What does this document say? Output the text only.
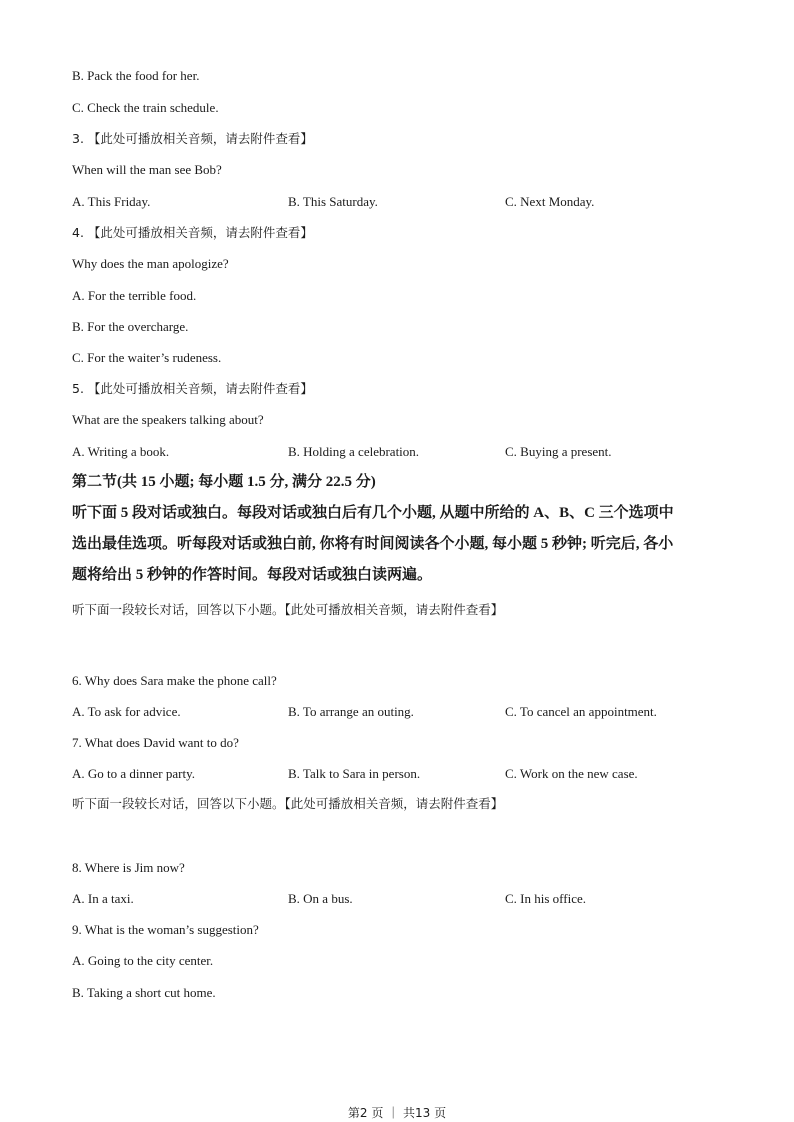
B. Pack the food for her.
C. Check the train schedule.
3. 【此处可播放相关音频，请去附件查看】
When will the man see Bob?
A. This Friday.	B. This Saturday.	C. Next Monday.
4. 【此处可播放相关音频，请去附件查看】
Why does the man apologize?
A. For the terrible food.
B. For the overcharge.
C. For the waiter’s rudeness.
5. 【此处可播放相关音频，请去附件查看】
What are the speakers talking about?
A. Writing a book.	B. Holding a celebration.	C. Buying a present.
第二节(共 15 小题; 每小题 1.5 分, 满分 22.5 分)
听下面 5 段对话或独白。每段对话或独白后有几个小题, 从题中所给的 A、B、C 三个选项中
选出最佳选项。听每段对话或独白前, 你将有时间阅读各个小题, 每小题 5 秒钟; 听完后, 各小
题将给出 5 秒钟的作答时间。每段对话或独白读两遍。
听下面一段较长对话，回答以下小题。【此处可播放相关音频，请去附件查看】
6. Why does Sara make the phone call?
A. To ask for advice.	B. To arrange an outing.	C. To cancel an appointment.
7. What does David want to do?
A. Go to a dinner party.	B. Talk to Sara in person.	C. Work on the new case.
听下面一段较长对话，回答以下小题。【此处可播放相关音频，请去附件查看】
8. Where is Jim now?
A. In a taxi.	B. On a bus.	C. In his office.
9. What is the woman’s suggestion?
A. Going to the city center.
B. Taking a short cut home.
第2 页 ｜ 共13 页
